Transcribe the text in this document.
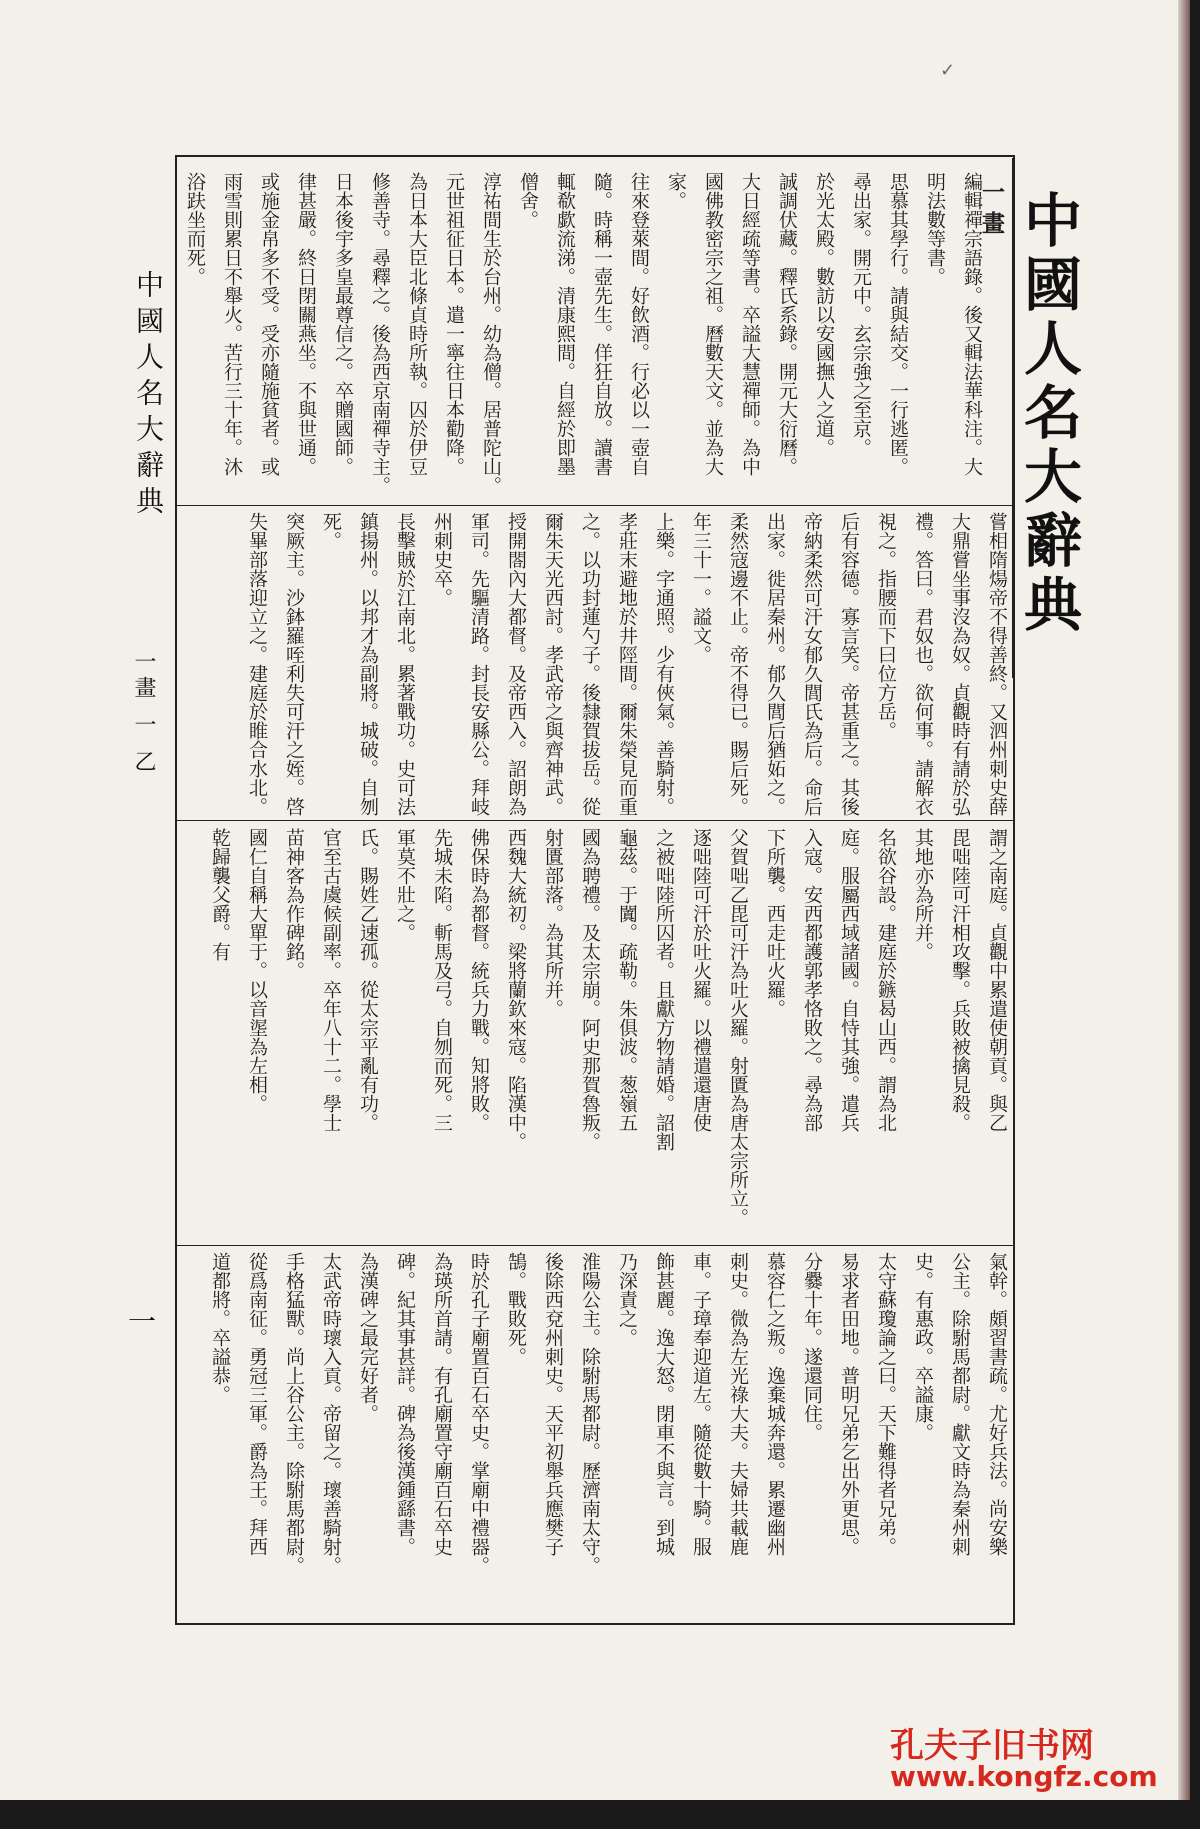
中國人名大辭典
中國人名大辭典
一畫 一 乙
一
一 畫
編輯禪宗語錄。後又輯法華科注。大
明法數等書。
思慕其學行。請與結交。一行逃匿。
尋出家。開元中。玄宗強之至京。
於光太殿。數訪以安國撫人之道。
誠調伏藏。釋氏系錄。開元大衍曆。
大日經疏等書。卒謚大慧禪師。為中
國佛教密宗之祖。曆數天文。並為大
家。
往來登萊間。好飲酒。行必以一壺自
隨。時稱一壺先生。佯狂自放。讀書
輒欷歔流涕。清康熙間。自經於即墨
僧舍。
淳祐間生於台州。幼為僧。居普陀山。
元世祖征日本。遣一寧往日本勸降。
為日本大臣北條貞時所執。囚於伊豆
修善寺。尋釋之。後為西京南禪寺主。
日本後宇多皇最尊信之。卒贈國師。
律甚嚴。終日閉關燕坐。不與世通。
或施金帛多不受。受亦隨施貧者。或
雨雪則累日不舉火。苦行三十年。沐
浴趺坐而死。
嘗相隋煬帝不得善終。又泗州刺史薛
大鼎嘗坐事沒為奴。貞觀時有請於弘
禮。答曰。君奴也。欲何事。請解衣
視之。指腰而下曰位方岳。
后有容德。寡言笑。帝甚重之。其後
帝納柔然可汗女郁久閭氏為后。命后
出家。徙居秦州。郁久閭后猶妬之。
柔然寇邊不止。帝不得已。賜后死。
年三十一。謚文。
上樂。字通照。少有俠氣。善騎射。
孝莊末避地於井陘間。爾朱榮見而重
之。以功封蓮勺子。後隸賀拔岳。從
爾朱天光西討。孝武帝之與齊神武。
授開閤內大都督。及帝西入。詔朗為
軍司。先驅清路。封長安縣公。拜岐
州刺史卒。
長擊賊於江南北。累著戰功。史可法
鎮揚州。以邦才為副將。城破。自刎
死。
突厥主。沙鉢羅咥利失可汗之姪。啓
失畢部落迎立之。建庭於睢合水北。
謂之南庭。貞觀中累遣使朝貢。與乙
毘咄陸可汗相攻擊。兵敗被擒見殺。
其地亦為所并。
名欲谷設。建庭於鏃曷山西。謂為北
庭。服屬西域諸國。自恃其強。遣兵
入寇。安西都護郭孝恪敗之。尋為部
下所襲。西走吐火羅。
父賀咄乙毘可汗為吐火羅。射匱為唐太宗所立。
逐咄陸可汗於吐火羅。以禮遣還唐使
之被咄陸所囚者。且獻方物請婚。詔割
龜茲。于闐。疏勒。朱俱波。葱嶺五
國為聘禮。及太宗崩。阿史那賀魯叛。
射匱部落。為其所并。
西魏大統初。梁將蘭欽來寇。陷漢中。
佛保時為都督。統兵力戰。知將敗。
先城未陷。斬馬及弓。自刎而死。三
軍莫不壯之。
氏。賜姓乙速孤。從太宗平亂有功。
官至古虞候副率。卒年八十二。學士
苗神客為作碑銘。
國仁自稱大單于。以音埿為左相。
乾歸襲父爵。有
氣幹。頗習書疏。尤好兵法。尚安樂
公主。除駙馬都尉。獻文時為秦州刺
史。有惠政。卒謚康。
太守蘇瓊論之曰。天下難得者兄弟。
易求者田地。普明兄弟乞出外更思。
分爨十年。遂還同住。
慕容仁之叛。逸棄城奔還。累遷幽州
刺史。微為左光祿大夫。夫婦共載鹿
車。子璋奉迎道左。隨從數十騎。服
飾甚麗。逸大怒。閉車不與言。到城
乃深責之。
淮陽公主。除駙馬都尉。歷濟南太守。
後除西兗州刺史。天平初舉兵應樊子
鵠。戰敗死。
時於孔子廟置百石卒史。掌廟中禮器。
為瑛所首請。有孔廟置守廟百石卒史
碑。紀其事甚詳。碑為後漢鍾繇書。
為漢碑之最完好者。
太武帝時瓌入貢。帝留之。瓌善騎射。
手格猛獸。尚上谷公主。除駙馬都尉。
從爲南征。勇冠三軍。爵為王。拜西
道都將。卒謚恭。
✓
孔夫子旧书网
www.kongfz.com
